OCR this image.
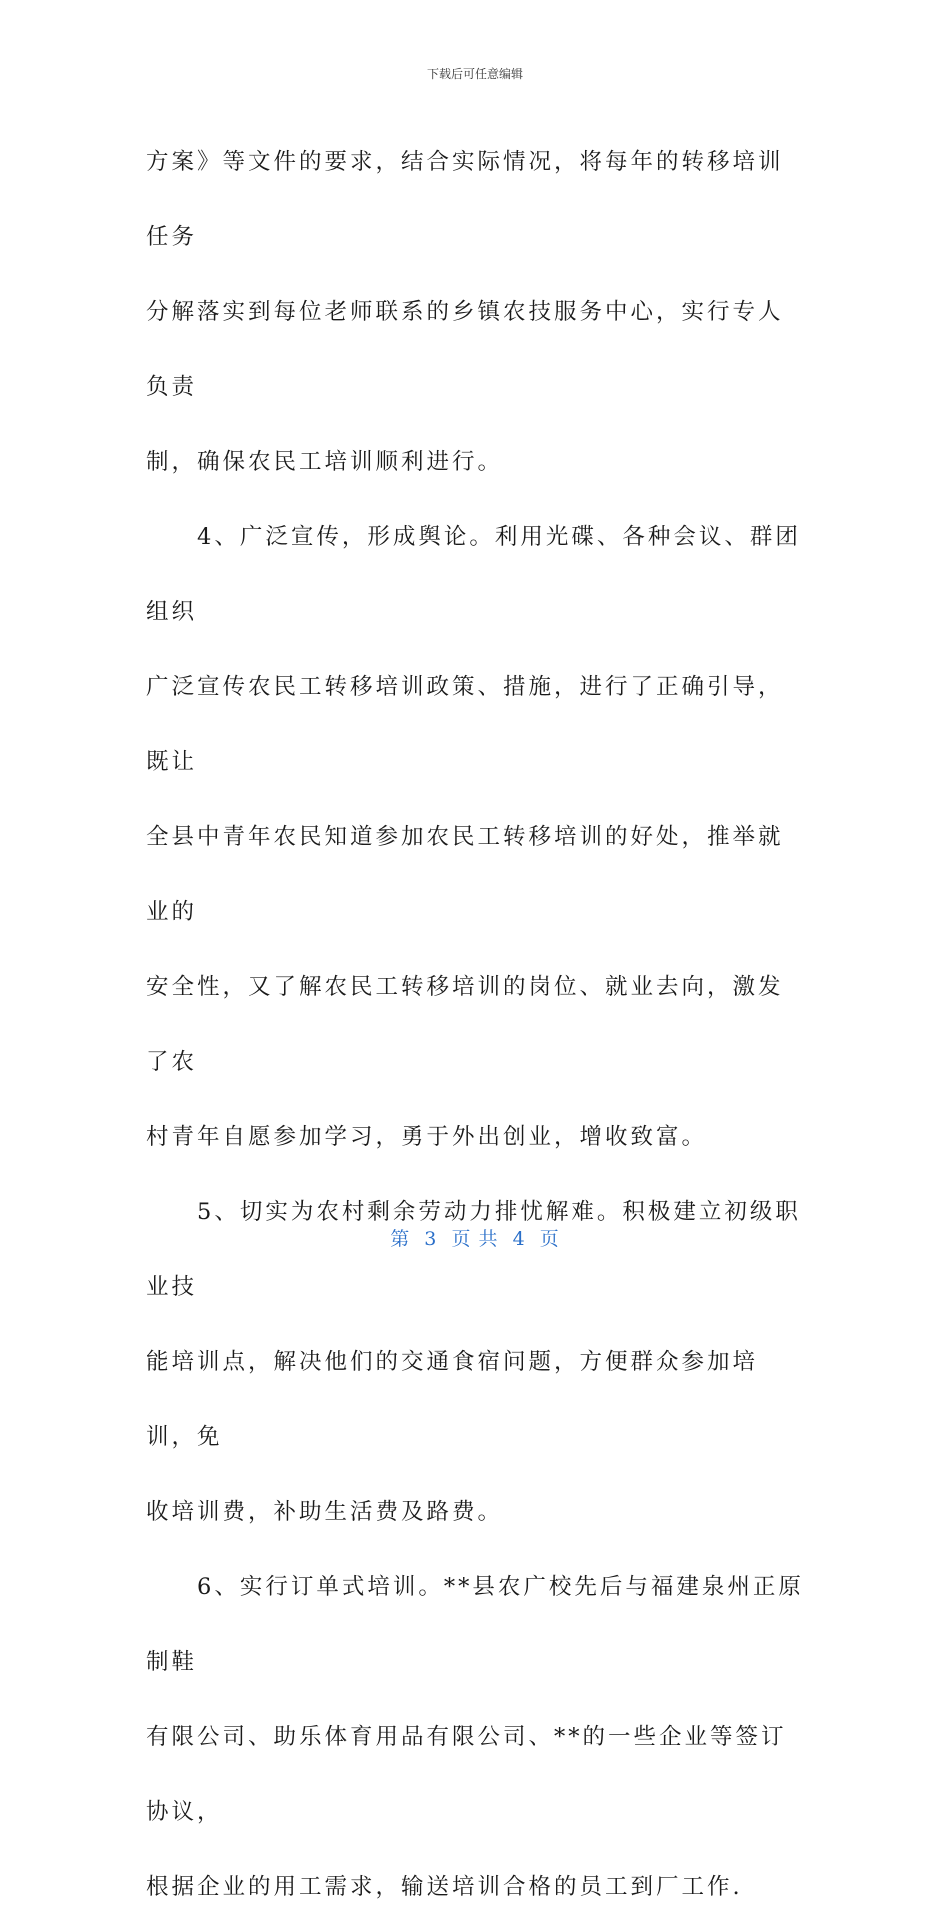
下载后可任意编辑

方案》等文件的要求，结合实际情况，将每年的转移培训任务

分解落实到每位老师联系的乡镇农技服务中心，实行专人负责

制，确保农民工培训顺利进行。

　　4、广泛宣传，形成舆论。利用光碟、各种会议、群团组织

广泛宣传农民工转移培训政策、措施，进行了正确引导，既让

全县中青年农民知道参加农民工转移培训的好处，推举就业的

安全性，又了解农民工转移培训的岗位、就业去向，激发了农

村青年自愿参加学习，勇于外出创业，增收致富。

　　5、切实为农村剩余劳动力排忧解难。积极建立初级职业技

能培训点，解决他们的交通食宿问题，方便群众参加培训，免

收培训费，补助生活费及路费。

　　6、实行订单式培训。**县农广校先后与福建泉州正原制鞋

有限公司、助乐体育用品有限公司、**的一些企业等签订协议，

根据企业的用工需求，输送培训合格的员工到厂工作.

第  3  页 共  4  页
